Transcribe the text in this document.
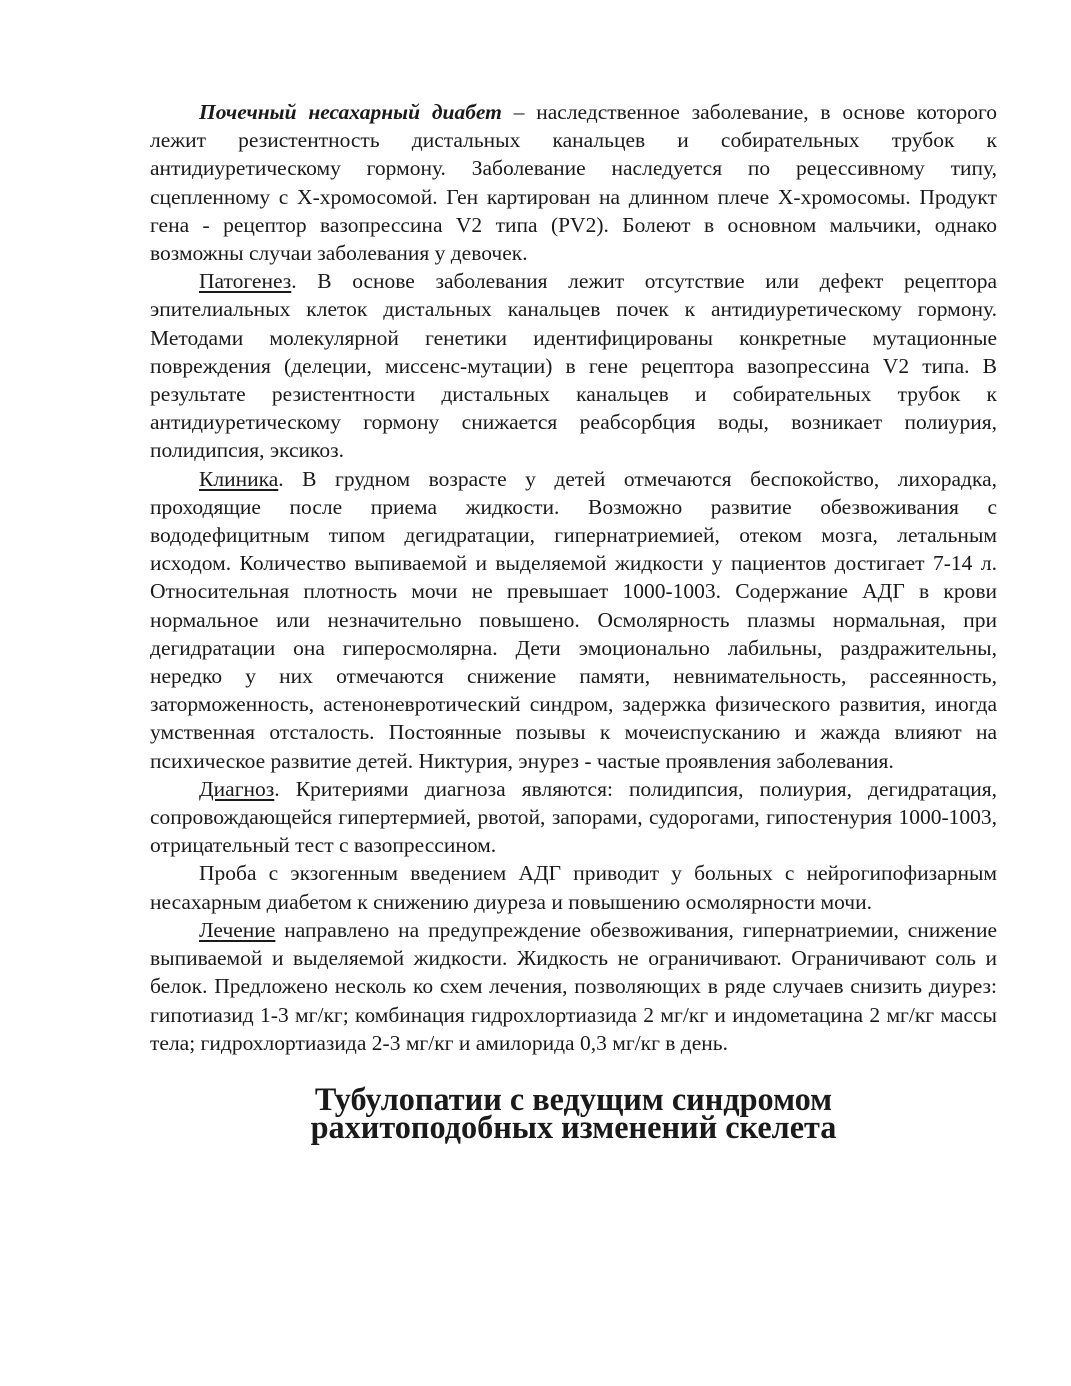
Почечный несахарный диабет – наследственное заболевание, в основе которого лежит резистентность дистальных канальцев и собирательных трубок к антидиуретическому гормону. Заболевание наследуется по рецессивному типу, сцепленному с Х-хромосомой. Ген картирован на длинном плече Х-хромосомы. Продукт гена - рецептор вазопрессина V2 типа (PV2). Болеют в основном мальчики, однако возможны случаи заболевания у девочек.

Патогенез. В основе заболевания лежит отсутствие или дефект рецептора эпителиальных клеток дистальных канальцев почек к антидиуретическому гормону. Методами молекулярной генетики идентифицированы конкретные мутационные повреждения (делеции, миссенс-мутации) в гене рецептора вазопрессина V2 типа. В результате резистентности дистальных канальцев и собирательных трубок к антидиуретическому гормону снижается реабсорбция воды, возникает полиурия, полидипсия, эксикоз.

Клиника. В грудном возрасте у детей отмечаются беспокойство, лихорадка, проходящие после приема жидкости. Возможно развитие обезвоживания с вододефицитным типом дегидратации, гипернатриемией, отеком мозга, летальным исходом. Количество выпиваемой и выделяемой жидкости у пациентов достигает 7-14 л. Относительная плотность мочи не превышает 1000-1003. Содержание АДГ в крови нормальное или незначительно повышено. Осмолярность плазмы нормальная, при дегидратации она гиперосмолярна. Дети эмоционально лабильны, раздражительны, нередко у них отмечаются снижение памяти, невнимательность, рассеянность, заторможенность, астеноневротический синдром, задержка физического развития, иногда умственная отсталость. Постоянные позывы к мочеиспусканию и жажда влияют на психическое развитие детей. Никтурия, энурез - частые проявления заболевания.

Диагноз. Критериями диагноза являются: полидипсия, полиурия, дегидратация, сопровождающейся гипертермией, рвотой, запорами, судорогами, гипостенурия 1000-1003, отрицательный тест с вазопрессином.

Проба с экзогенным введением АДГ приводит у больных с нейрогипофизарным несахарным диабетом к снижению диуреза и повышению осмолярности мочи.

Лечение направлено на предупреждение обезвоживания, гипернатриемии, снижение выпиваемой и выделяемой жидкости. Жидкость не ограничивают. Ограничивают соль и белок. Предложено несколь ко схем лечения, позволяющих в ряде случаев снизить диурез: гипотиазид 1-3 мг/кг; комбинация гидрохлортиазида 2 мг/кг и индометацина 2 мг/кг массы тела; гидрохлортиазида 2-3 мг/кг и амилорида 0,3 мг/кг в день.

Тубулопатии с ведущим синдромом
рахитоподобных изменений скелета
